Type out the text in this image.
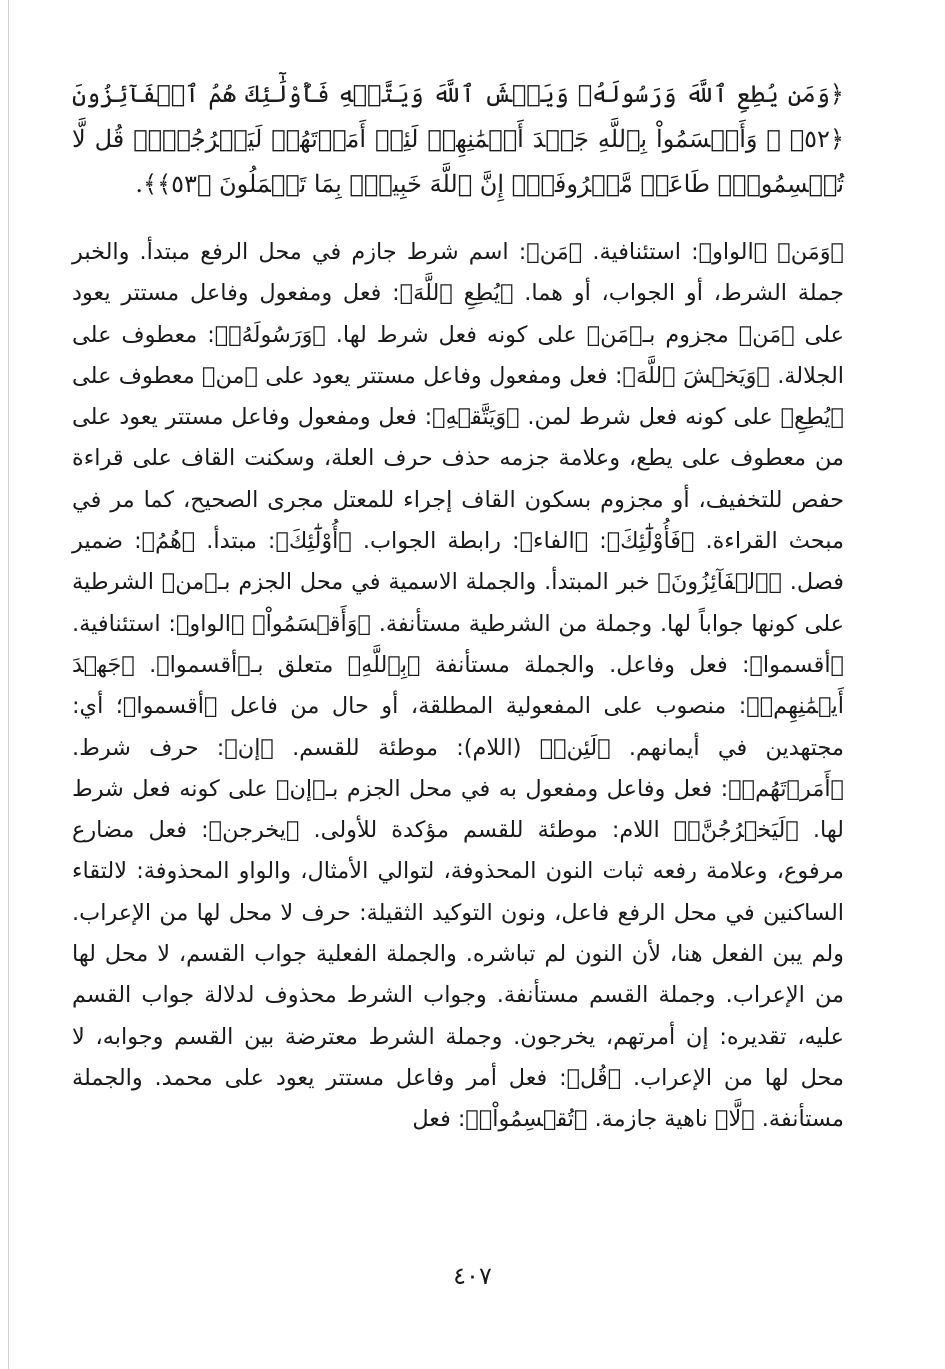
﴿وَمَن يُطِعِ ٱللَّهَ وَرَسُولَهُۥ وَيَخۡشَ ٱللَّهَ وَيَتَّقۡهِ فَأُوْلَٰٓئِكَ هُمُ ٱلۡفَآئِزُونَ ﴿٥٢﴾ ۞ وَأَقۡسَمُواْ بِٱللَّهِ جَهۡدَ أَيۡمَٰنِهِمۡ لَئِنۡ أَمَرۡتَهُمۡ لَيَخۡرُجُنَّۖ قُل لَّا تُقۡسِمُواْۖ طَاعَةٞ مَّعۡرُوفَةٌۚ إِنَّ ٱللَّهَ خَبِيرُۢ بِمَا تَعۡمَلُونَ ﴿٥٣﴾﴾.

﴿وَمَن﴾ ﴿الواو﴾: استئنافية. ﴿مَن﴾: اسم شرط جازم في محل الرفع مبتدأ. والخبر جملة الشرط، أو الجواب، أو هما. ﴿يُطِعِ ٱللَّهَ﴾: فعل ومفعول وفاعل مستتر يعود على ﴿مَن﴾ مجزوم بـ﴿مَن﴾ على كونه فعل شرط لها. ﴿وَرَسُولَهُۥ﴾: معطوف على الجلالة. ﴿وَيَخۡشَ ٱللَّهَ﴾: فعل ومفعول وفاعل مستتر يعود على ﴿من﴾ معطوف على ﴿يُطِعِ﴾ على كونه فعل شرط لمن. ﴿وَيَتَّقۡهِ﴾: فعل ومفعول وفاعل مستتر يعود على من معطوف على يطع، وعلامة جزمه حذف حرف العلة، وسكنت القاف على قراءة حفص للتخفيف، أو مجزوم بسكون القاف إجراء للمعتل مجرى الصحيح، كما مر في مبحث القراءة. ﴿فَأُوْلَٰٓئِكَ﴾: ﴿الفاء﴾: رابطة الجواب. ﴿أُوْلَٰٓئِكَ﴾: مبتدأ. ﴿هُمُ﴾: ضمير فصل. ﴿ٱلۡفَآئِزُونَ﴾ خبر المبتدأ. والجملة الاسمية في محل الجزم بـ﴿من﴾ الشرطية على كونها جواباً لها. وجملة من الشرطية مستأنفة. ﴿وَأَقۡسَمُواْ﴾ ﴿الواو﴾: استئنافية. ﴿أقسموا﴾: فعل وفاعل. والجملة مستأنفة ﴿بِٱللَّهِ﴾ متعلق بـ﴿أقسموا﴾. ﴿جَهۡدَ أَيۡمَٰنِهِمۡ﴾: منصوب على المفعولية المطلقة، أو حال من فاعل ﴿أقسموا﴾؛ أي: مجتهدين في أيمانهم. ﴿لَئِنۡ﴾ (اللام): موطئة للقسم. ﴿إن﴾: حرف شرط. ﴿أَمَرۡتَهُمۡ﴾: فعل وفاعل ومفعول به في محل الجزم بـ﴿إن﴾ على كونه فعل شرط لها. ﴿لَيَخۡرُجُنَّۖ﴾ اللام: موطئة للقسم مؤكدة للأولى. ﴿يخرجن﴾: فعل مضارع مرفوع، وعلامة رفعه ثبات النون المحذوفة، لتوالي الأمثال، والواو المحذوفة: لالتقاء الساكنين في محل الرفع فاعل، ونون التوكيد الثقيلة: حرف لا محل لها من الإعراب. ولم يبن الفعل هنا، لأن النون لم تباشره. والجملة الفعلية جواب القسم، لا محل لها من الإعراب. وجملة القسم مستأنفة. وجواب الشرط محذوف لدلالة جواب القسم عليه، تقديره: إن أمرتهم، يخرجون. وجملة الشرط معترضة بين القسم وجوابه، لا محل لها من الإعراب. ﴿قُل﴾: فعل أمر وفاعل مستتر يعود على محمد. والجملة مستأنفة. ﴿لَّا﴾ ناهية جازمة. ﴿تُقۡسِمُواْۖ﴾: فعل

٤٠٧
